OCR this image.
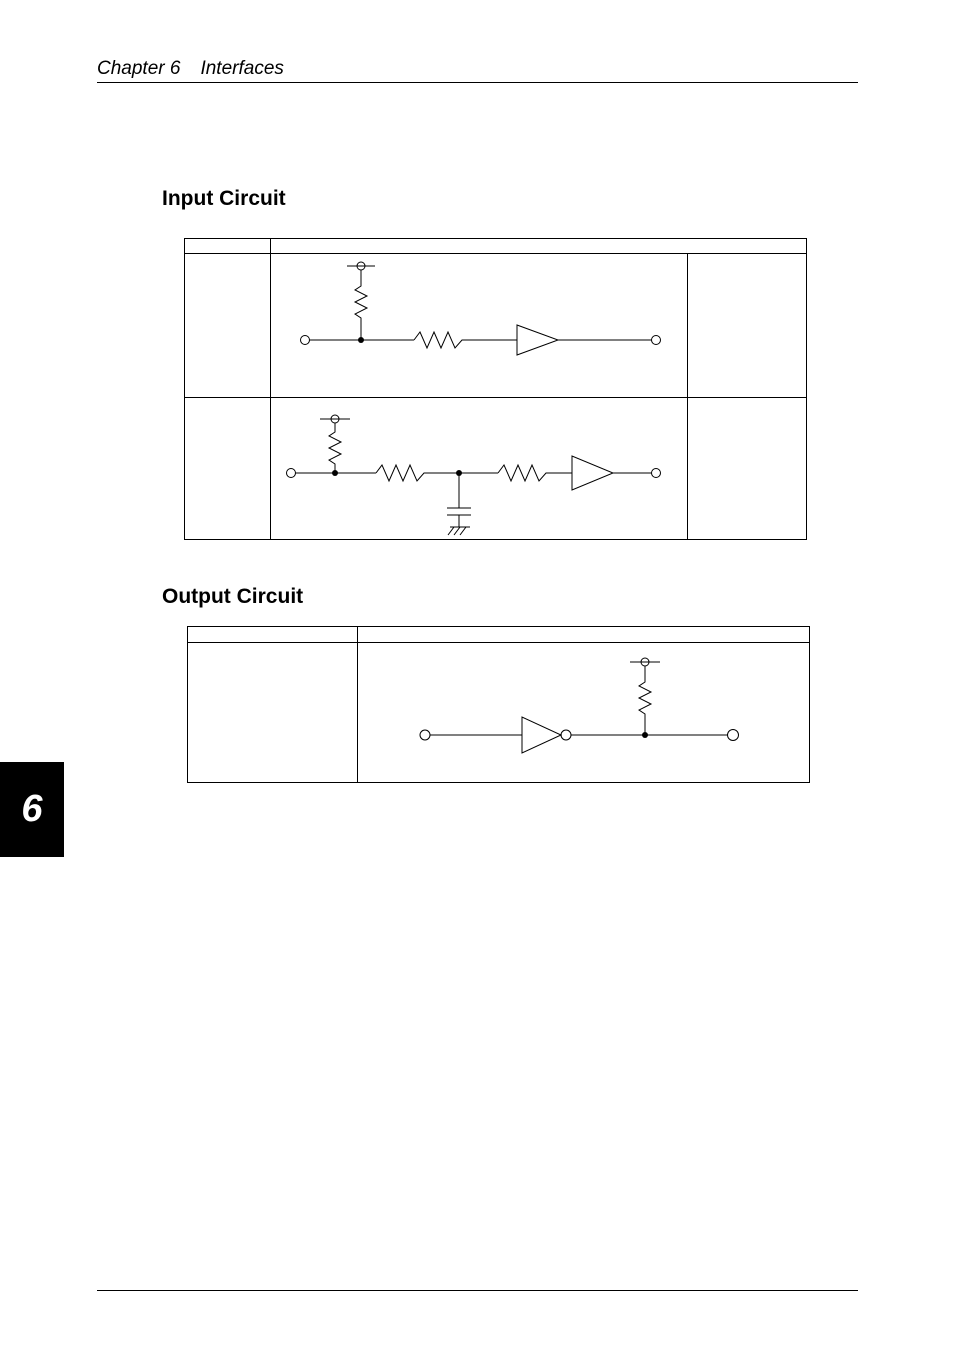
Chapter 6 Interfaces
Input Circuit
Output Circuit
6
